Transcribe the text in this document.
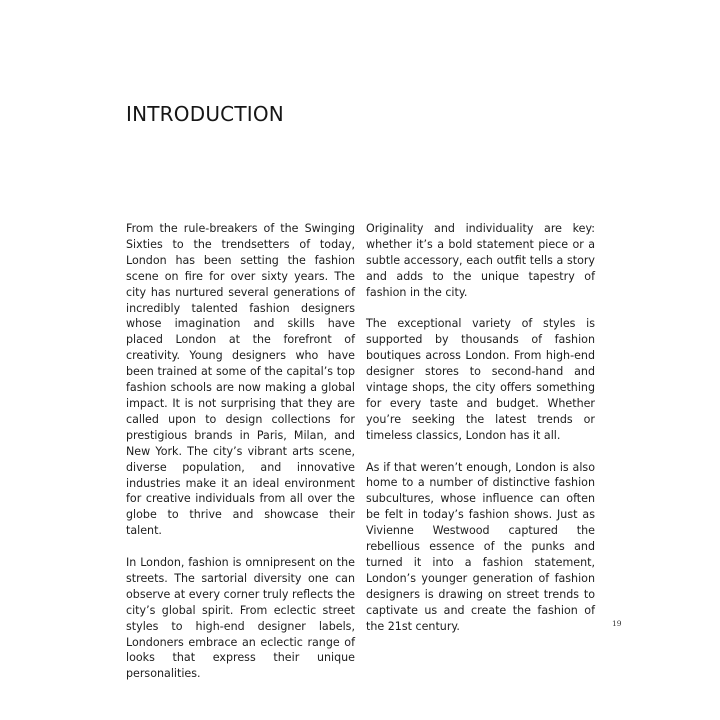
INTRODUCTION

From the rule-breakers of the Swinging Sixties to the trendsetters of today, London has been setting the fashion scene on fire for over sixty years. The city has nurtured several generations of incredibly talented fashion designers whose imagination and skills have placed London at the forefront of creativity. Young designers who have been trained at some of the capital’s top fashion schools are now making a global impact. It is not surprising that they are called upon to design collections for prestigious brands in Paris, Milan, and New York. The city’s vibrant arts scene, diverse population, and innovative industries make it an ideal environment for creative individuals from all over the globe to thrive and showcase their talent.

In London, fashion is omnipresent on the streets. The sartorial diversity one can observe at every corner truly reflects the city’s global spirit. From eclectic street styles to high-end designer labels, Londoners embrace an eclectic range of looks that express their unique personalities.

Originality and individuality are key: whether it’s a bold statement piece or a subtle accessory, each outfit tells a story and adds to the unique tapestry of fashion in the city.

The exceptional variety of styles is supported by thousands of fashion boutiques across London. From high-end designer stores to second-hand and vintage shops, the city offers something for every taste and budget. Whether you’re seeking the latest trends or timeless classics, London has it all.

As if that weren’t enough, London is also home to a number of distinctive fashion subcultures, whose influence can often be felt in today’s fashion shows. Just as Vivienne Westwood captured the rebellious essence of the punks and turned it into a fashion statement, London’s younger generation of fashion designers is drawing on street trends to captivate us and create the fashion of the 21st century.	19
